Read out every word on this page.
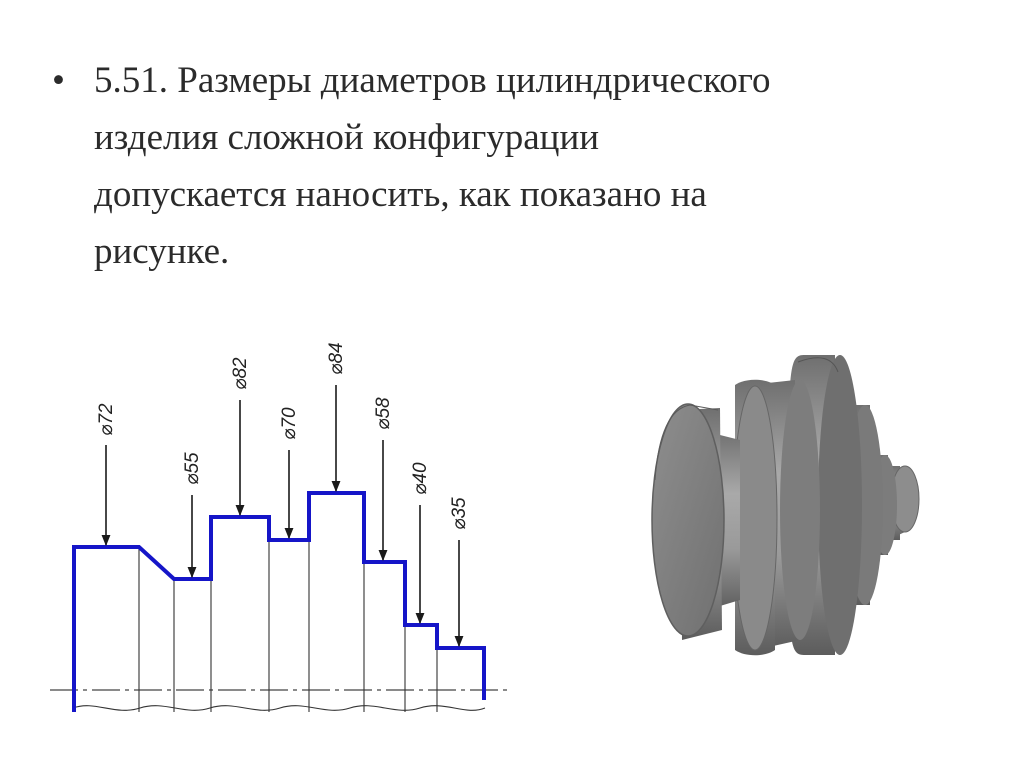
• 5.51. Размеры диаметров цилиндрического
изделия сложной конфигурации
допускается наносить, как показано на
рисунке.
⌀72
⌀55
⌀82
⌀70
⌀84
⌀58
⌀40
⌀35
